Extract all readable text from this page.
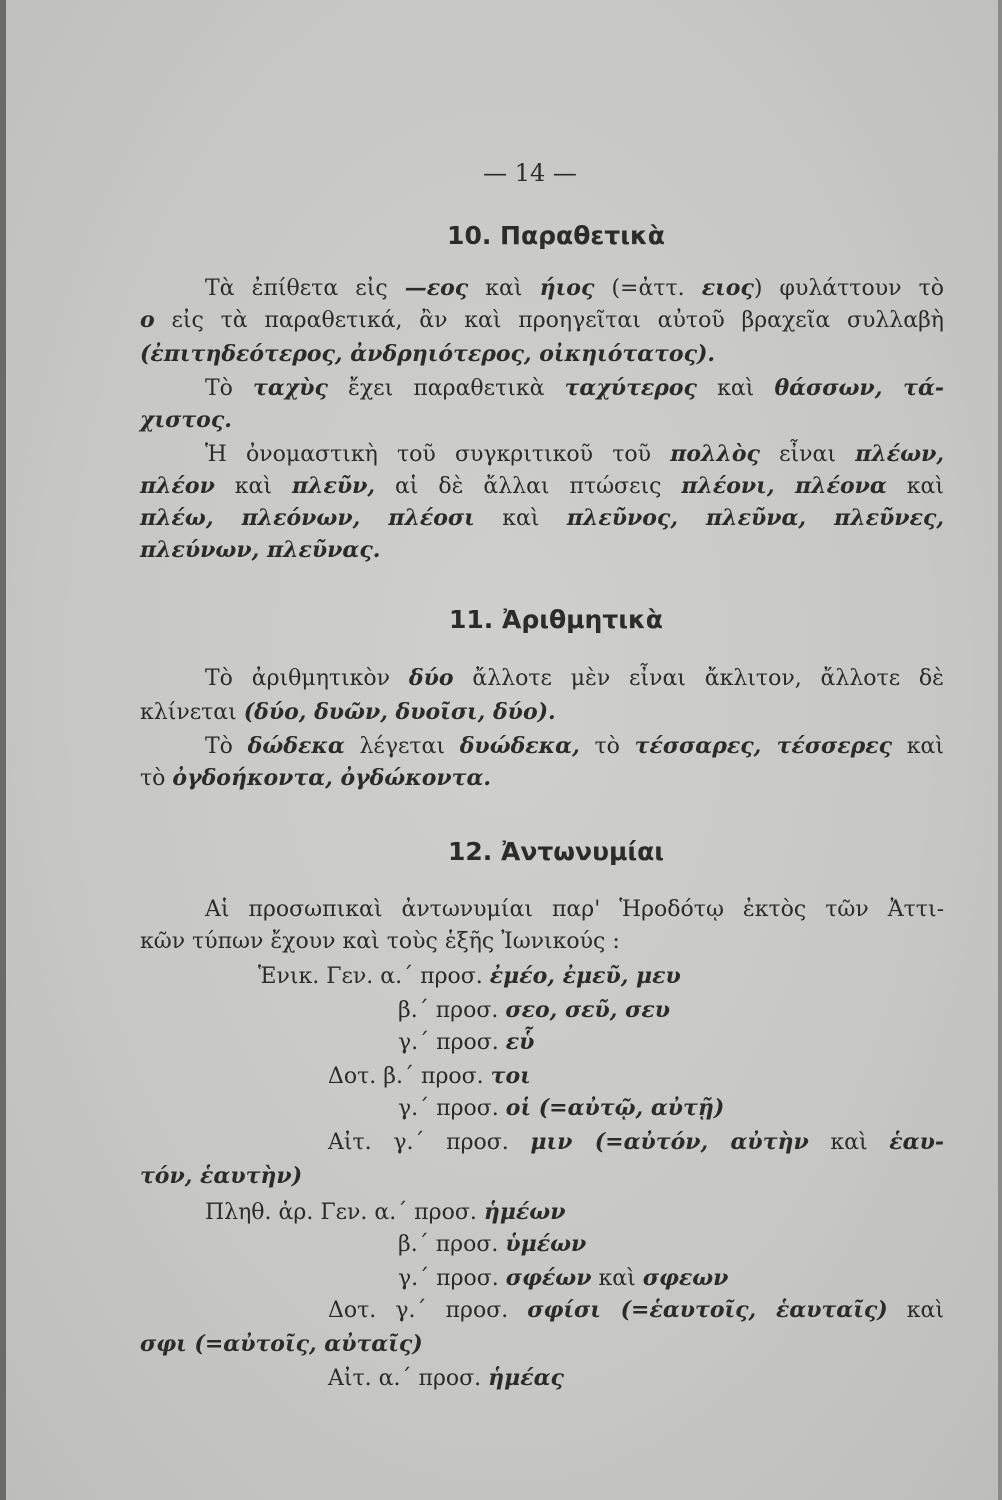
— 14 —
10. Παραθετικὰ
11. Ἀριθμητικὰ
12. Ἀντωνυμίαι
Τὰ ἐπίθετα εἰς —εος καὶ ήιος (=ἀττ. ειος) φυλάττουν τὸ
ο εἰς τὰ παραθετικά, ἂν καὶ προηγεῖται αὐτοῦ βραχεῖα συλλαβὴ
(ἐπιτηδεότερος, ἀνδρηιότερος, οἰκηιότατος).
Τὸ ταχὺς ἔχει παραθετικὰ ταχύτερος καὶ θάσσων, τά-
χιστος.
Ἡ ὀνομαστικὴ τοῦ συγκριτικοῦ τοῦ πολλὸς εἶναι πλέων,
πλέον καὶ πλεῦν, αἱ δὲ ἄλλαι πτώσεις πλέονι, πλέονα καὶ
πλέω, πλεόνων, πλέοσι καὶ πλεῦνος, πλεῦνα, πλεῦνες,
πλεύνων, πλεῦνας.
Τὸ ἀριθμητικὸν δύο ἄλλοτε μὲν εἶναι ἄκλιτον, ἄλλοτε δὲ
κλίνεται (δύο, δυῶν, δυοῖσι, δύο).
Τὸ δώδεκα λέγεται δυώδεκα, τὸ τέσσαρες, τέσσερες καὶ
τὸ ὀγδοήκοντα, ὀγδώκοντα.
Αἱ προσωπικαὶ ἀντωνυμίαι παρ' Ἡροδότῳ ἐκτὸς τῶν Ἀττι-
κῶν τύπων ἔχουν καὶ τοὺς ἑξῆς Ἰωνικούς :
Ἑνικ. Γεν. α.΄ προσ. ἐμέο, ἐμεῦ, μευ
β.΄ προσ. σεο, σεῦ, σευ
γ.΄ προσ. εὗ
Δοτ. β.΄ προσ. τοι
γ.΄ προσ. οἱ (=αὐτῷ, αὐτῇ)
Αἰτ. γ.΄ προσ. μιν (=αὐτόν, αὐτὴν καὶ ἑαυ-
τόν, ἑαυτὴν)
Πληθ. ἀρ. Γεν. α.΄ προσ. ἡμέων
β.΄ προσ. ὑμέων
γ.΄ προσ. σφέων καὶ σφεων
Δοτ. γ.΄ προσ. σφίσι (=ἑαυτοῖς, ἑαυταῖς) καὶ
σφι (=αὐτοῖς, αὐταῖς)
Αἰτ. α.΄ προσ. ἡμέας
